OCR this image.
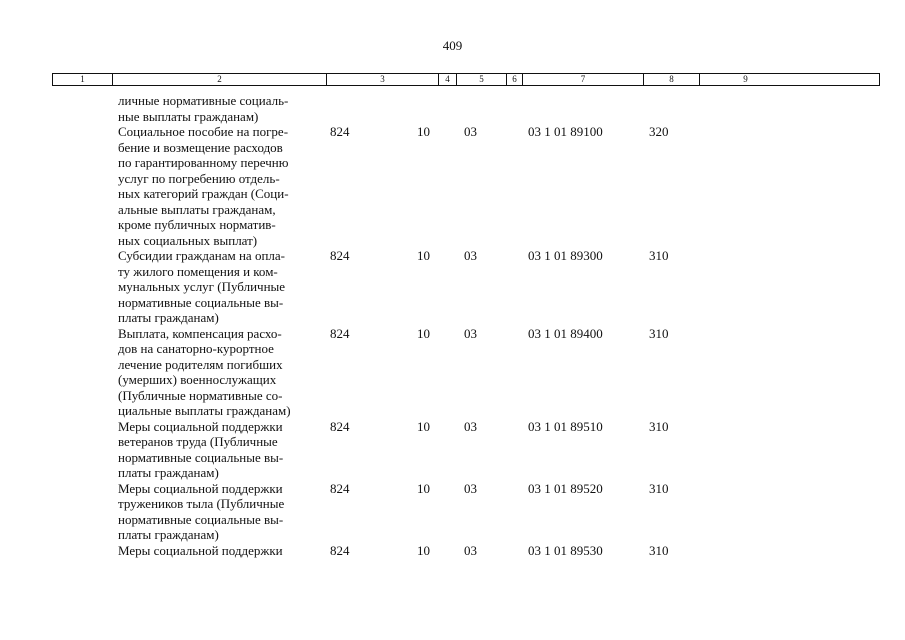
409
1	2	3	4	5	6	7	8	9
личные нормативные социаль-
ные выплаты гражданам)
Социальное пособие на погре-
бение и возмещение расходов
по гарантированному перечню
услуг по погребению отдель-
ных категорий граждан (Соци-
альные выплаты гражданам,
кроме публичных норматив-
ных социальных выплат)
824	10	03	03 1 01 89100	320
Субсидии гражданам на опла-
ту жилого помещения и ком-
мунальных услуг (Публичные
нормативные социальные вы-
платы гражданам)
824	10	03	03 1 01 89300	310
Выплата, компенсация расхо-
дов на санаторно-курортное
лечение родителям погибших
(умерших) военнослужащих
(Публичные нормативные со-
циальные выплаты гражданам)
824	10	03	03 1 01 89400	310
Меры социальной поддержки
ветеранов труда (Публичные
нормативные социальные вы-
платы гражданам)
824	10	03	03 1 01 89510	310
Меры социальной поддержки
тружеников тыла (Публичные
нормативные социальные вы-
платы гражданам)
824	10	03	03 1 01 89520	310
Меры социальной поддержки	824	10	03	03 1 01 89530	310
